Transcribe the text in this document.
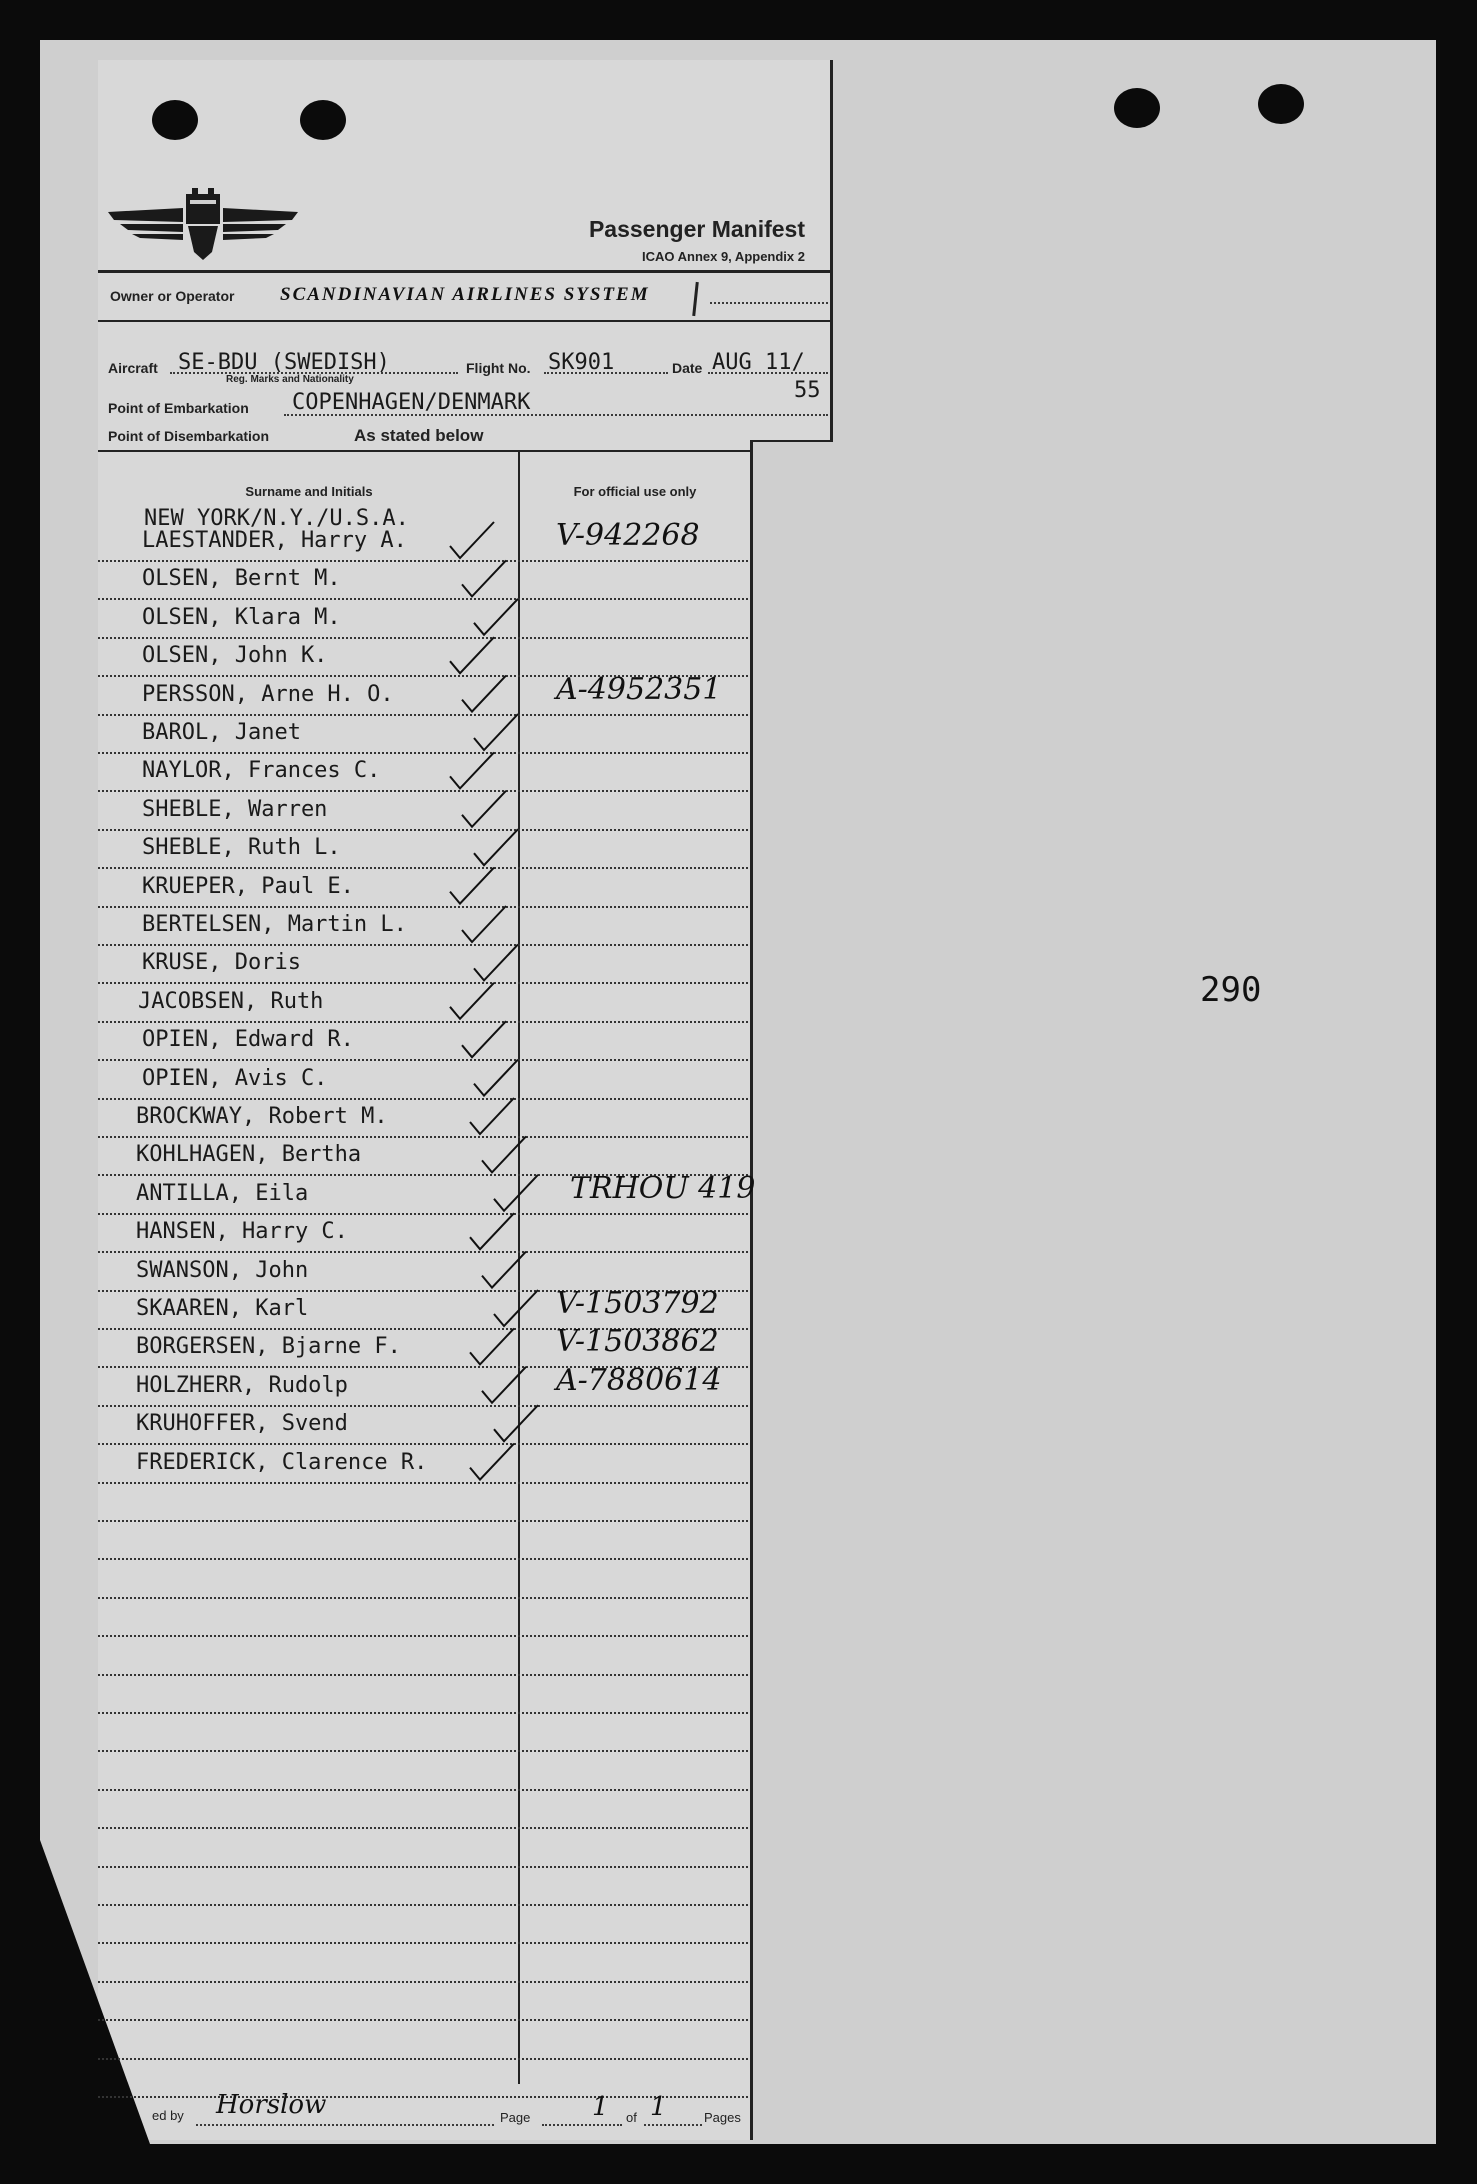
Passenger Manifest
ICAO Annex 9, Appendix 2
Owner or Operator SCANDINAVIAN AIRLINES SYSTEM
Aircraft SE-BDU (SWEDISH)
Reg. Marks and Nationality
Flight No. SK901	Date AUG 11/
55
Point of Embarkation COPENHAGEN/DENMARK
Point of Disembarkation	As stated below
Surname and Initials	For official use only
NEW YORK/N.Y./U.S.A.
LAESTANDER, Harry A.	V-942268
OLSEN, Bernt M.
OLSEN, Klara M.
OLSEN, John K.
PERSSON, Arne H. O.	A-4952351
BAROL, Janet
NAYLOR, Frances C.
SHEBLE, Warren
SHEBLE, Ruth L.
KRUEPER, Paul E.
BERTELSEN, Martin L.
KRUSE, Doris
JACOBSEN, Ruth
OPIEN, Edward R.
OPIEN, Avis C.
BROCKWAY, Robert M.
KOHLHAGEN, Bertha
ANTILLA, Eila	TRHOU 419
HANSEN, Harry C.
SWANSON, John
SKAAREN, Karl	V-1503792
BORGERSEN, Bjarne F.	V-1503862
HOLZHERR, Rudolp	A-7880614
KRUHOFFER, Svend
FREDERICK, Clarence R.
290
ed by Horslow	Page 1 of 1	Pages
